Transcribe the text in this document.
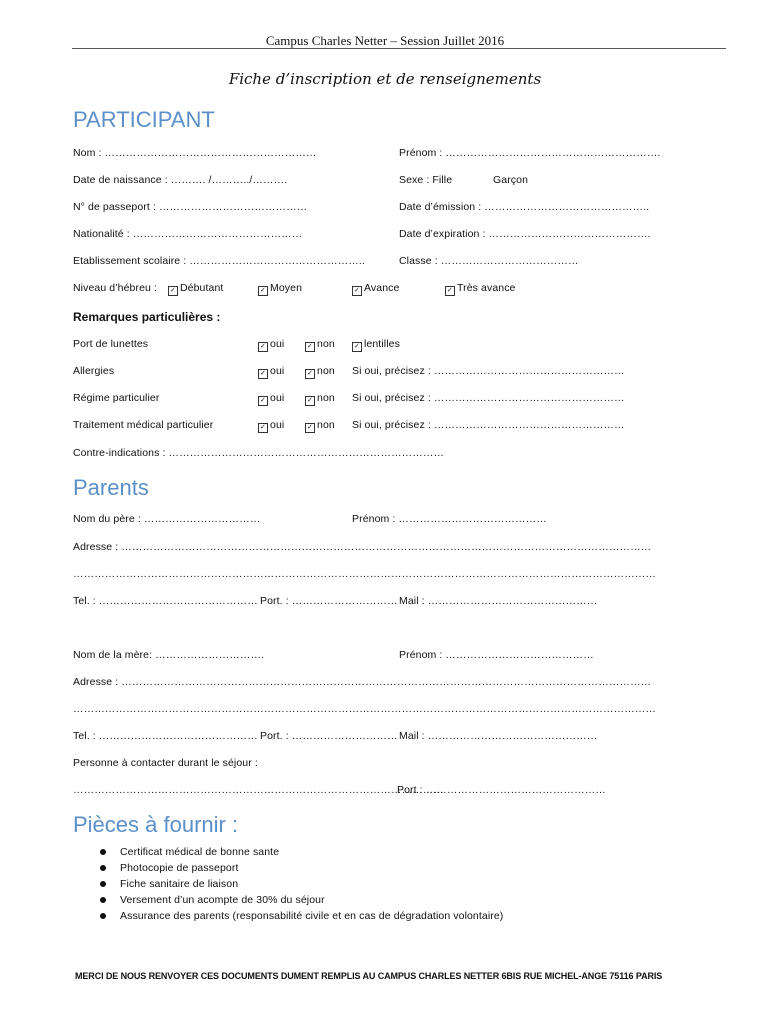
Campus Charles Netter – Session Juillet 2016
Fiche d’inscription et de renseignements
PARTICIPANT
Nom : ……………………………………………………	Prénom : …………………………………………………….
Date de naissance : ………. /………../……….	Sexe : Fille	Garçon
N° de passeport : ……………………………………	Date d’émission : ………………………………………..
Nationalité : …………………………………………	Date d’expiration : ……………………………………….
Etablissement scolaire : …………………………………………..	Classe : …………………………………
Niveau d’hébreu : ✓ Débutant	✓ Moyen	✓ Avance	✓ Très avance
Remarques particulières :
Port de lunettes	✓ oui	✓ non	✓ lentilles
Allergies	✓ oui	✓ non Si oui, précisez : ………………………………………………
Régime particulier	✓ oui	✓ non Si oui, précisez : ………………………………………………
Traitement médical particulier	✓ oui	✓ non Si oui, précisez : ………………………………………………
Contre-indications : ……………………………………………………………………
Parents
Nom du père : ……………………………	Prénom : ……………………………………
Adresse : ……………………………………………………………………………………………………………………………………
…………………………………………………………………………………………………………………………………………………
Tel. : ……………………………………… Port. : ………………………… Mail : …………………………………………
Nom de la mère: ………………………….	Prénom : ……………………………………
Adresse : ……………………………………………………………………………………………………………………………………
…………………………………………………………………………………………………………………………………………………
Tel. : ……………………………………… Port. : ………………………… Mail : …………………………………………
Personne à contacter durant le séjour :
……………………………………………………………………………………………
Port : ……………………………………………
Pièces à fournir :
Certificat médical de bonne sante
Photocopie de passeport
Fiche sanitaire de liaison
Versement d’un acompte de 30% du séjour
Assurance des parents (responsabilité civile et en cas de dégradation volontaire)
MERCI DE NOUS RENVOYER CES DOCUMENTS DUMENT REMPLIS AU CAMPUS CHARLES NETTER 6BIS RUE MICHEL-ANGE 75116 PARIS
